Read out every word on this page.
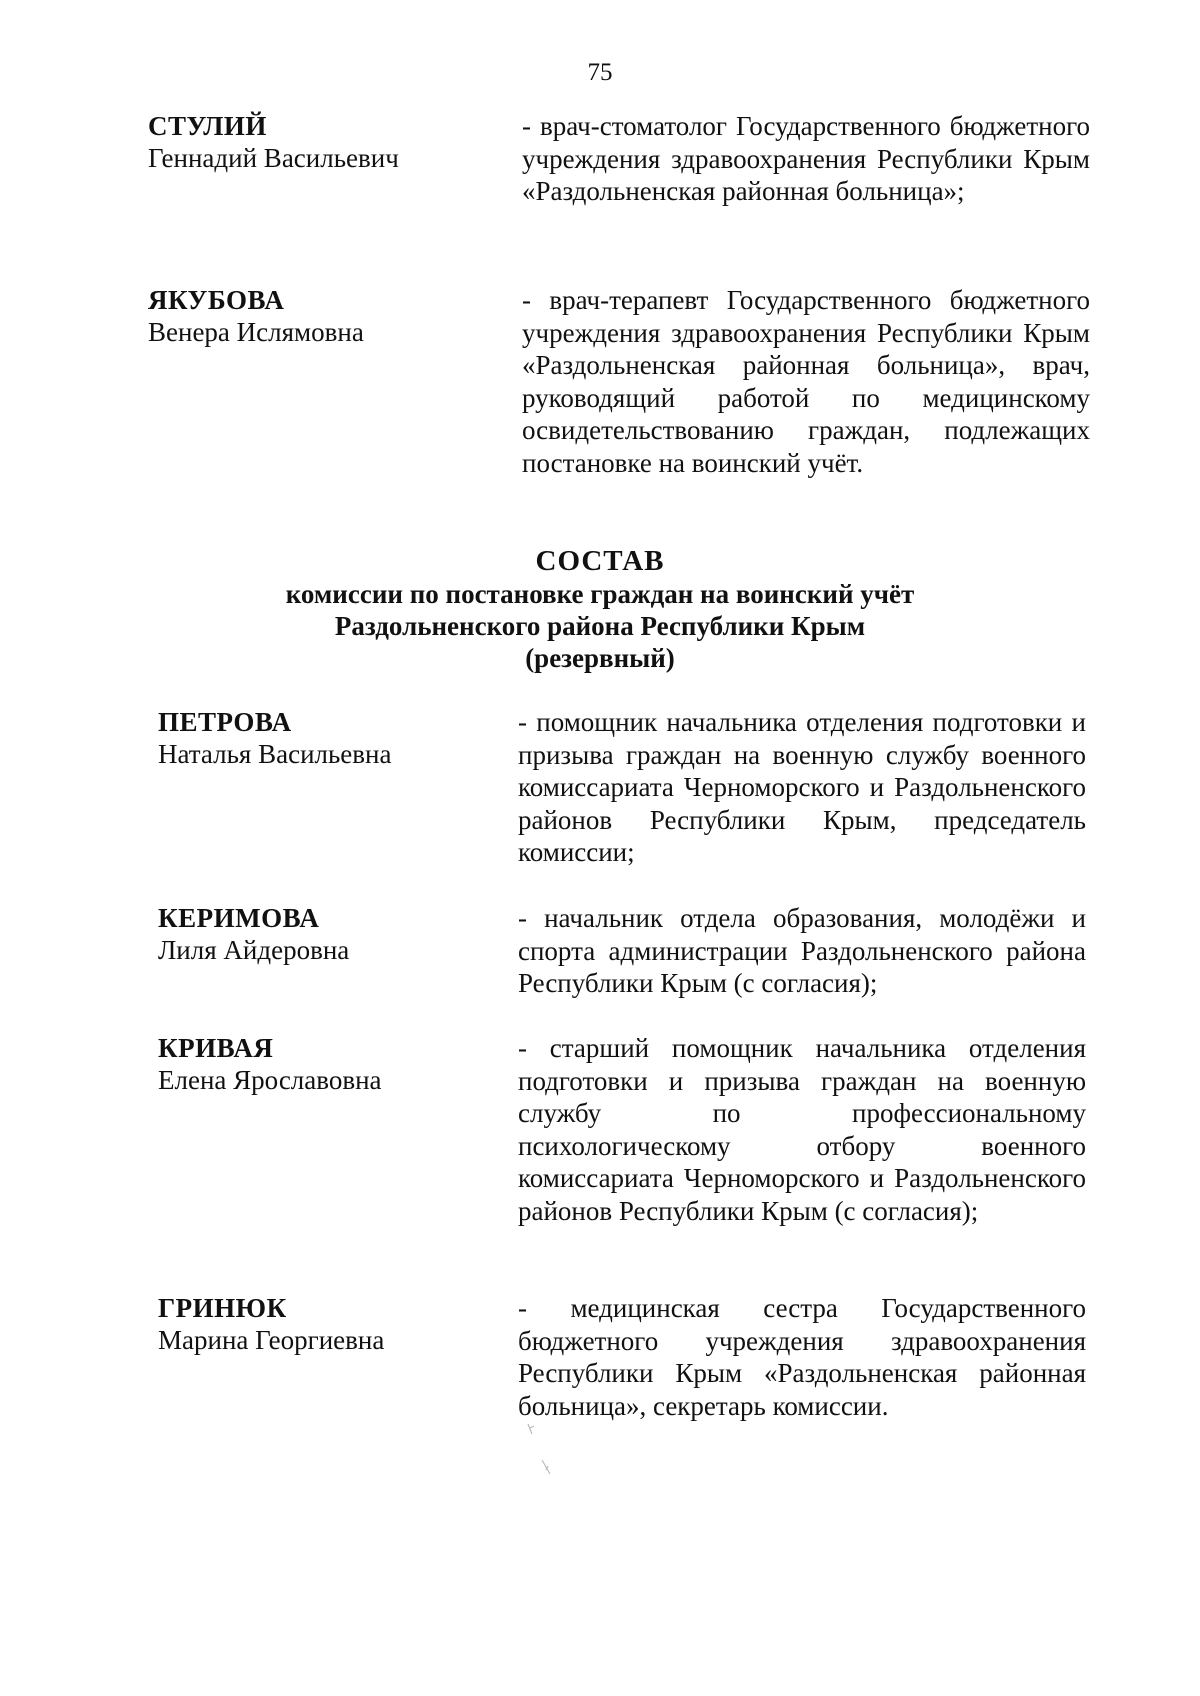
75
СТУЛИЙ
Геннадий Васильевич
- врач-стоматолог Государственного бюджетного учреждения здравоохранения Республики Крым «Раздольненская районная больница»;
ЯКУБОВА
Венера Ислямовна
- врач-терапевт Государственного бюджетного учреждения здравоохранения Республики Крым «Раздольненская районная больница», врач, руководящий работой по медицинскому освидетельствованию граждан, подлежащих постановке на воинский учёт.
СОСТАВ
комиссии по постановке граждан на воинский учёт
Раздольненского района Республики Крым
(резервный)
ПЕТРОВА
Наталья Васильевна
- помощник начальника отделения подготовки и призыва граждан на военную службу военного комиссариата Черноморского и Раздольненского районов Республики Крым, председатель комиссии;
КЕРИМОВА
Лиля Айдеровна
- начальник отдела образования, молодёжи и спорта администрации Раздольненского района Республики Крым (с согласия);
КРИВАЯ
Елена Ярославовна
- старший помощник начальника отделения подготовки и призыва граждан на военную службу по профессиональному психологическому отбору военного комиссариата Черноморского и Раздольненского районов Республики Крым (с согласия);
ГРИНЮК
Марина Георгиевна
- медицинская сестра Государственного бюджетного учреждения здравоохранения Республики Крым «Раздольненская районная больница», секретарь комиссии.
